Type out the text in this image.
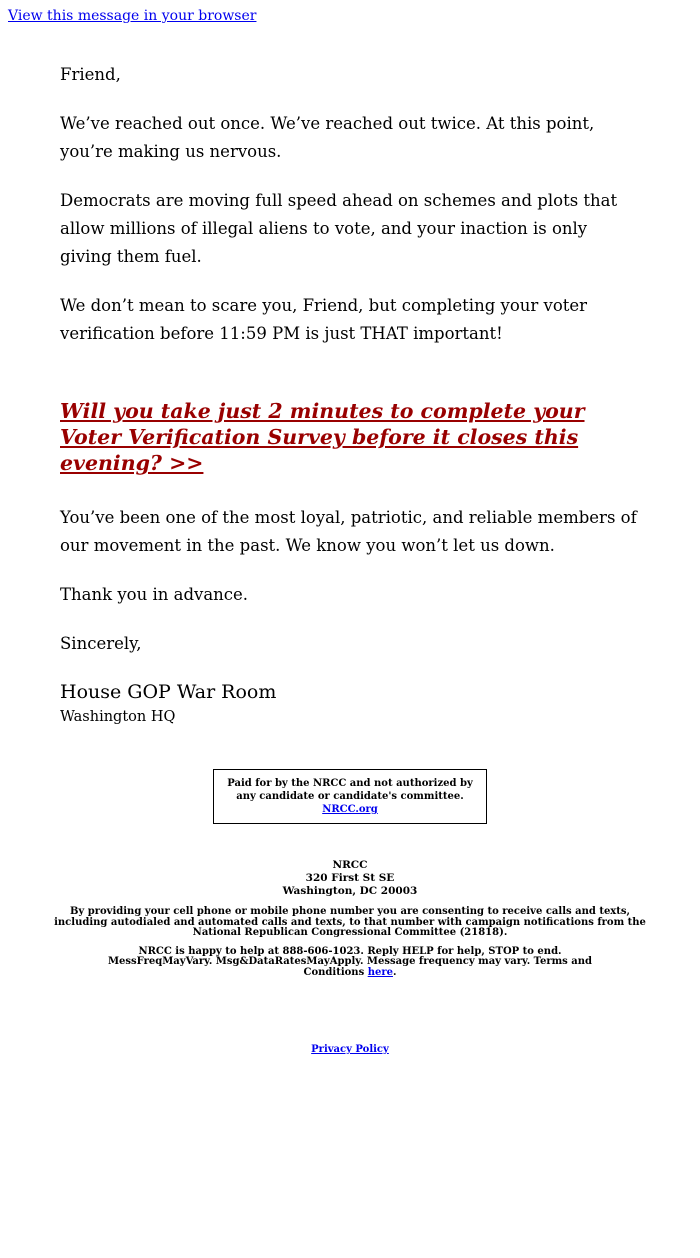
View this message in your browser

Friend,

We’ve reached out once. We’ve reached out twice. At this point, you’re making us nervous.

Democrats are moving full speed ahead on schemes and plots that allow millions of illegal aliens to vote, and your inaction is only giving them fuel.

We don’t mean to scare you, Friend, but completing your voter verification before 11:59 PM is just THAT important!

Will you take just 2 minutes to complete your Voter Verification Survey before it closes this evening? >>

You’ve been one of the most loyal, patriotic, and reliable members of our movement in the past. We know you won’t let us down.

Thank you in advance.

Sincerely,

House GOP War Room

Washington HQ

Paid for by the NRCC and not authorized by any candidate or candidate's committee. NRCC.org
NRCC
320 First St SE
Washington, DC 20003

By providing your cell phone or mobile phone number you are consenting to receive calls and texts, including autodialed and automated calls and texts, to that number with campaign notifications from the National Republican Congressional Committee (21818).

NRCC is happy to help at 888-606-1023. Reply HELP for help, STOP to end. MessFreqMayVary. Msg&DataRatesMayApply. Message frequency may vary. Terms and Conditions here.

Privacy Policy
